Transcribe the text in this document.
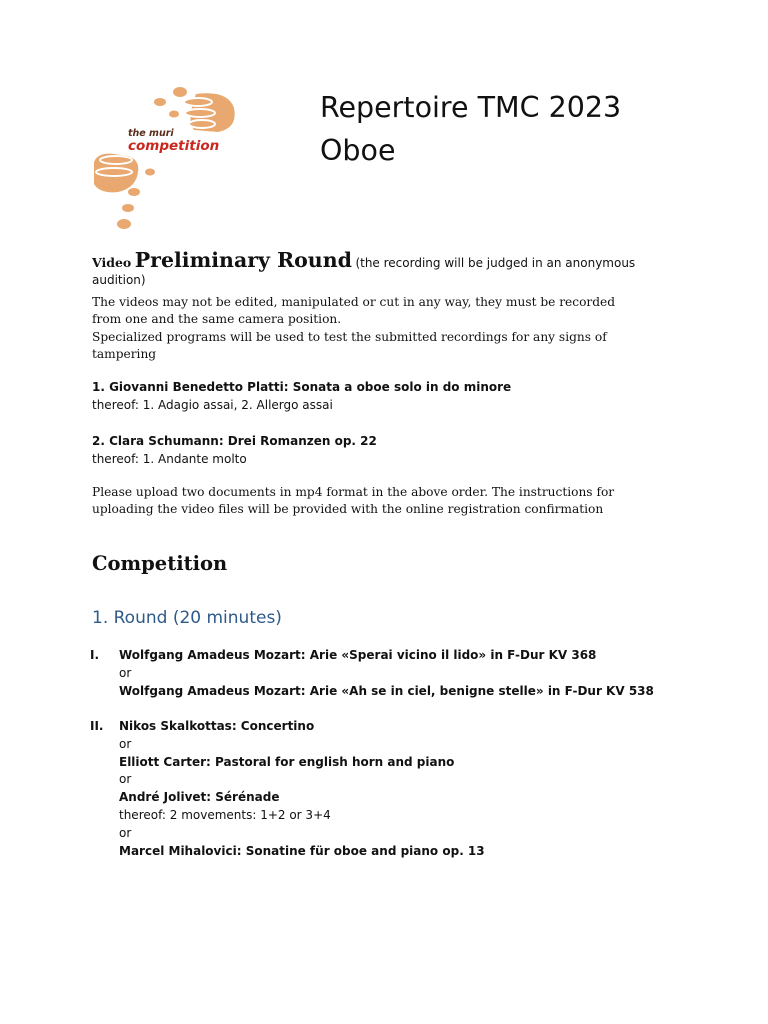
the muri
competition
Repertoire TMC 2023
Oboe
Video Preliminary Round (the recording will be judged in an anonymous
audition)
The videos may not be edited, manipulated or cut in any way, they must be recorded
from one and the same camera position.
Specialized programs will be used to test the submitted recordings for any signs of
tampering
1. Giovanni Benedetto Platti: Sonata a oboe solo in do minore
thereof: 1. Adagio assai, 2. Allergo assai
2. Clara Schumann: Drei Romanzen op. 22
thereof: 1. Andante molto
Please upload two documents in mp4 format in the above order. The instructions for
uploading the video files will be provided with the online registration confirmation
Competition
1. Round (20 minutes)
I. Wolfgang Amadeus Mozart: Arie «Sperai vicino il lido» in F-Dur KV 368
or
Wolfgang Amadeus Mozart: Arie «Ah se in ciel, benigne stelle» in F-Dur KV 538
II. Nikos Skalkottas: Concertino
or
Elliott Carter: Pastoral for english horn and piano
or
André Jolivet: Sérénade
thereof: 2 movements: 1+2 or 3+4
or
Marcel Mihalovici: Sonatine für oboe and piano op. 13
